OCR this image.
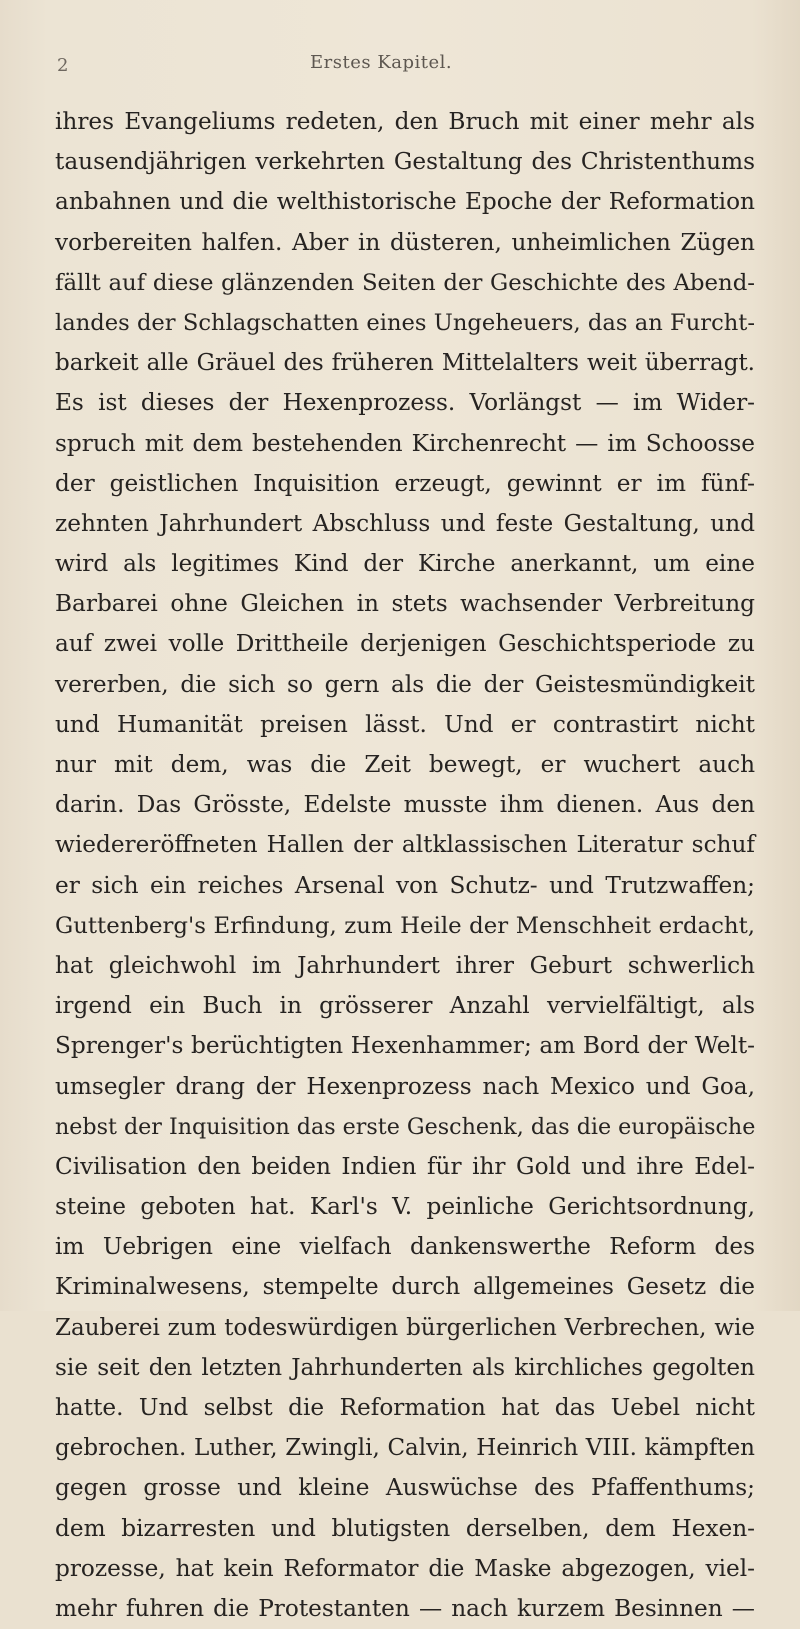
2	Erstes Kapitel.
ihres Evangeliums redeten, den Bruch mit einer mehr als
tausendjährigen verkehrten Gestaltung des Christenthums
anbahnen und die welthistorische Epoche der Reformation
vorbereiten halfen. Aber in düsteren, unheimlichen Zügen
fällt auf diese glänzenden Seiten der Geschichte des Abend-
landes der Schlagschatten eines Ungeheuers, das an Furcht-
barkeit alle Gräuel des früheren Mittelalters weit überragt.
Es ist dieses der Hexenprozess. Vorlängst — im Wider-
spruch mit dem bestehenden Kirchenrecht — im Schoosse
der geistlichen Inquisition erzeugt, gewinnt er im fünf-
zehnten Jahrhundert Abschluss und feste Gestaltung, und
wird als legitimes Kind der Kirche anerkannt, um eine
Barbarei ohne Gleichen in stets wachsender Verbreitung
auf zwei volle Drittheile derjenigen Geschichtsperiode zu
vererben, die sich so gern als die der Geistesmündigkeit
und Humanität preisen lässt. Und er contrastirt nicht
nur mit dem, was die Zeit bewegt, er wuchert auch
darin. Das Grösste, Edelste musste ihm dienen. Aus den
wiedereröffneten Hallen der altklassischen Literatur schuf
er sich ein reiches Arsenal von Schutz- und Trutzwaffen;
Guttenberg's Erfindung, zum Heile der Menschheit erdacht,
hat gleichwohl im Jahrhundert ihrer Geburt schwerlich
irgend ein Buch in grösserer Anzahl vervielfältigt, als
Sprenger's berüchtigten Hexenhammer; am Bord der Welt-
umsegler drang der Hexenprozess nach Mexico und Goa,
nebst der Inquisition das erste Geschenk, das die europäische
Civilisation den beiden Indien für ihr Gold und ihre Edel-
steine geboten hat. Karl's V. peinliche Gerichtsordnung,
im Uebrigen eine vielfach dankenswerthe Reform des
Kriminalwesens, stempelte durch allgemeines Gesetz die
Zauberei zum todeswürdigen bürgerlichen Verbrechen, wie
sie seit den letzten Jahrhunderten als kirchliches gegolten
hatte. Und selbst die Reformation hat das Uebel nicht
gebrochen. Luther, Zwingli, Calvin, Heinrich VIII. kämpften
gegen grosse und kleine Auswüchse des Pfaffenthums;
dem bizarresten und blutigsten derselben, dem Hexen-
prozesse, hat kein Reformator die Maske abgezogen, viel-
mehr fuhren die Protestanten — nach kurzem Besinnen —
